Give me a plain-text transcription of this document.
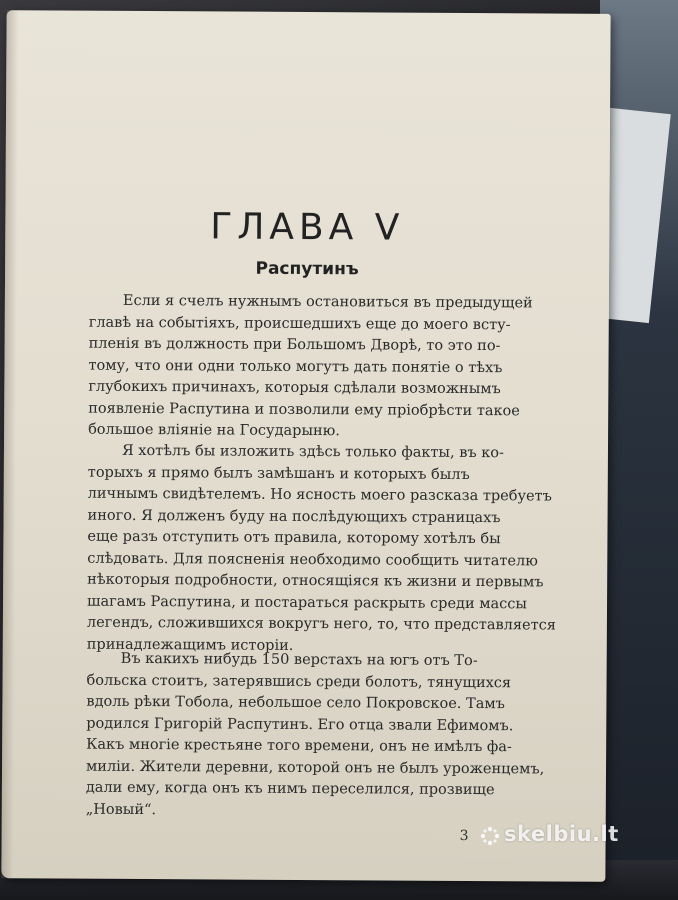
ГЛАВА V
Распутинъ

Если я счелъ нужнымъ остановиться въ предыдущей
главѣ на событіяхъ, происшедшихъ еще до моего всту-
пленія въ должность при Большомъ Дворѣ, то это по-
тому, что они одни только могутъ дать понятіе о тѣхъ
глубокихъ причинахъ, которыя сдѣлали возможнымъ
появленіе Распутина и позволили ему пріобрѣсти такое
большое вліяніе на Государыню.

Я хотѣлъ бы изложить здѣсь только факты, въ ко-
торыхъ я прямо былъ замѣшанъ и которыхъ былъ
личнымъ свидѣтелемъ. Но ясность моего разсказа требуетъ
иного. Я долженъ буду на послѣдующихъ страницахъ
еще разъ отступить отъ правила, которому хотѣлъ бы
слѣдовать. Для поясненія необходимо сообщить читателю
нѣкоторыя подробности, относящіяся къ жизни и первымъ
шагамъ Распутина, и постараться раскрыть среди массы
легендъ, сложившихся вокругъ него, то, что представляется
принадлежащимъ исторіи.

Въ какихъ нибудь 150 верстахъ на югъ отъ То-
больска стоитъ, затерявшись среди болотъ, тянущихся
вдоль рѣки Тобола, небольшое село Покровское. Тамъ
родился Григорій Распутинъ. Его отца звали Ефимомъ.
Какъ многіе крестьяне того времени, онъ не имѣлъ фа-
миліи. Жители деревни, которой онъ не былъ уроженцемъ,
дали ему, когда онъ къ нимъ переселился, прозвище
„Новый“.

3 skelbiu.lt
